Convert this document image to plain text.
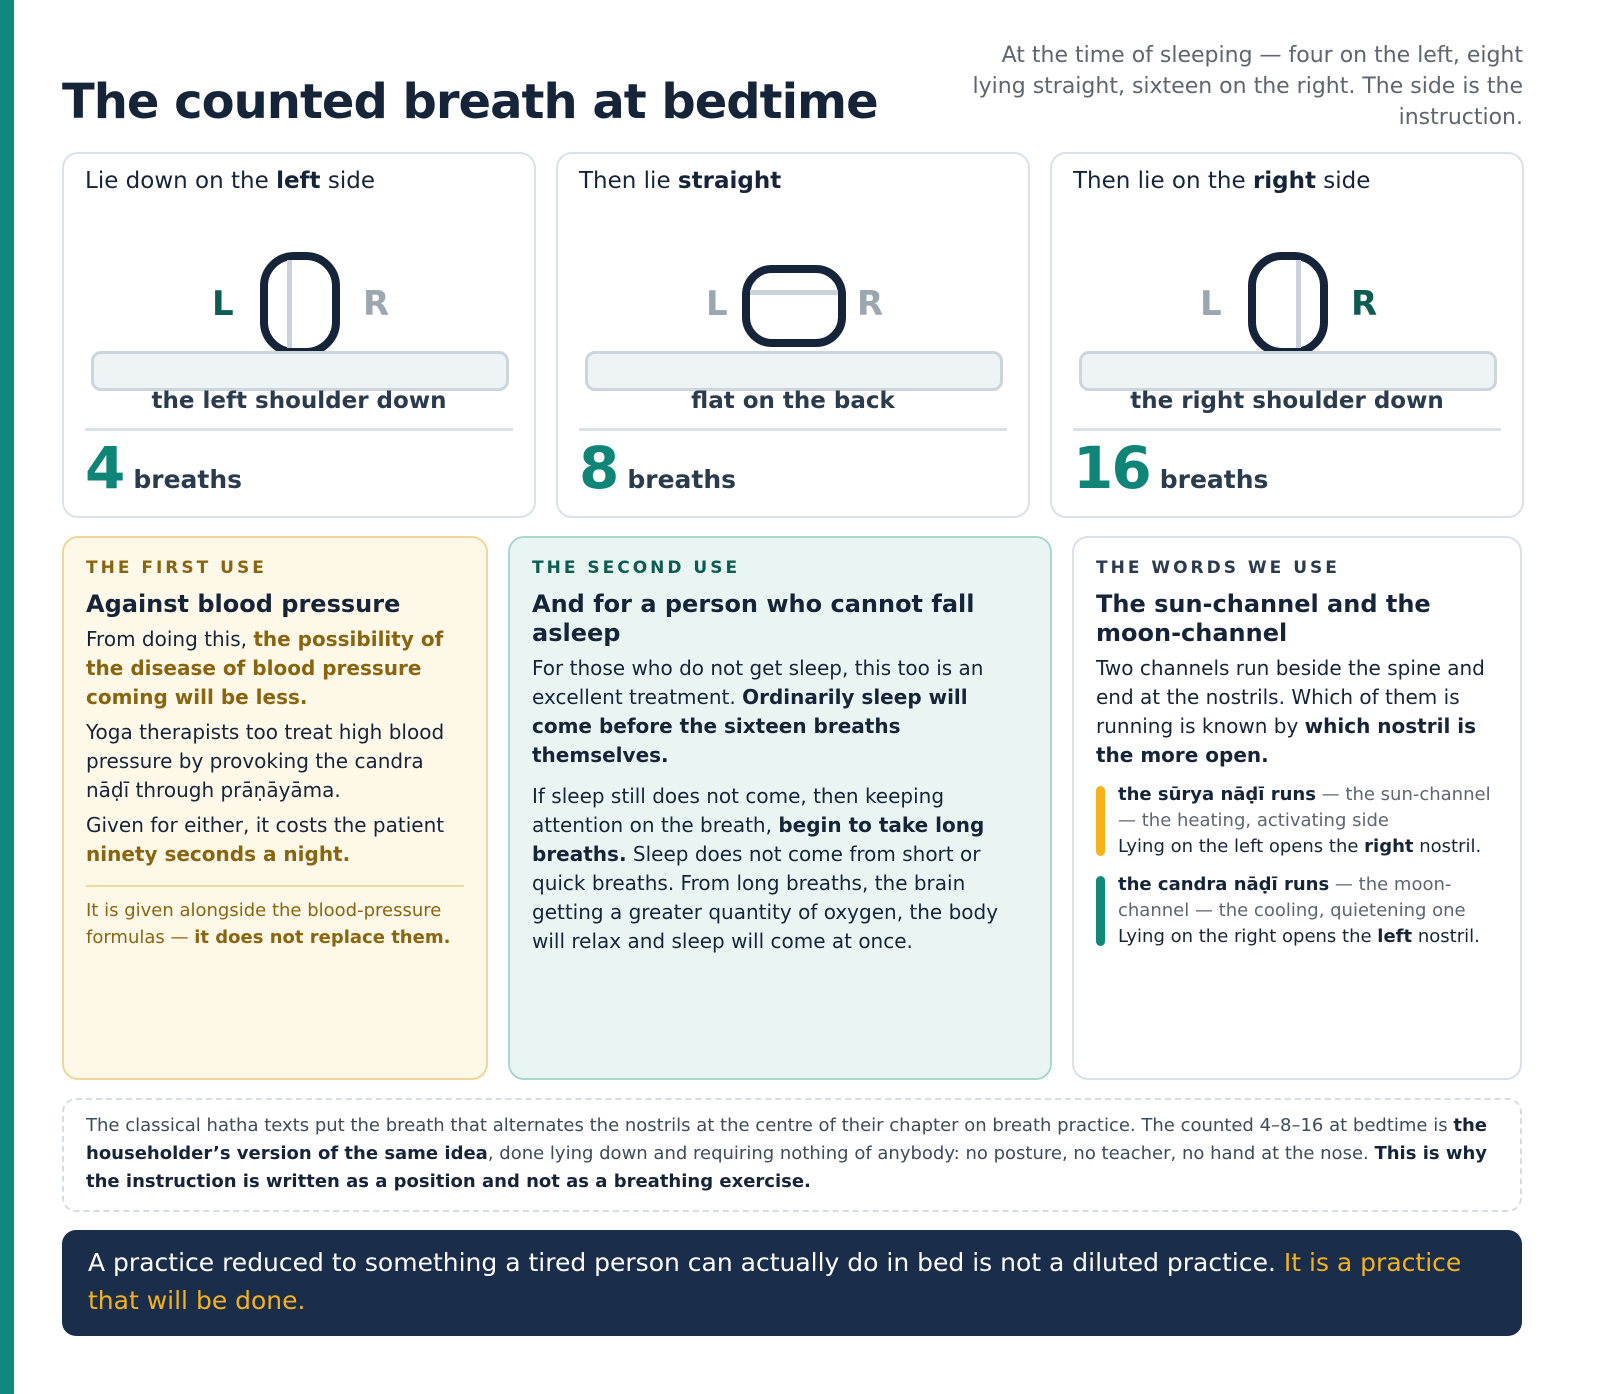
The counted breath at bedtime

At the time of sleeping — four on the left, eight lying straight, sixteen on the right. The side is the instruction.

Lie down on the left side
L	R
the left shoulder down
4 breaths
Then lie straight
L	R
flat on the back
8 breaths
Then lie on the right side
L	R
the right shoulder down
16 breaths
THE FIRST USE
Against blood pressure

From doing this, the possibility of the disease of blood pressure coming will be less.

Yoga therapists too treat high blood pressure by provoking the candra nāḍī through prāṇāyāma.

Given for either, it costs the patient ninety seconds a night.

It is given alongside the blood-pressure formulas — it does not replace them.

THE SECOND USE
And for a person who cannot fall asleep

For those who do not get sleep, this too is an excellent treatment. Ordinarily sleep will come before the sixteen breaths themselves.

If sleep still does not come, then keeping attention on the breath, begin to take long breaths. Sleep does not come from short or quick breaths. From long breaths, the brain getting a greater quantity of oxygen, the body will relax and sleep will come at once.

THE WORDS WE USE
The sun-channel and the moon-channel

Two channels run beside the spine and end at the nostrils. Which of them is running is known by which nostril is the more open.

the sūrya nāḍī runs — the sun-channel — the heating, activating side
Lying on the left opens the right nostril.
the candra nāḍī runs — the moon-channel — the cooling, quietening one
Lying on the right opens the left nostril.
The classical hatha texts put the breath that alternates the nostrils at the centre of their chapter on breath practice. The counted 4–8–16 at bedtime is the householder’s version of the same idea, done lying down and requiring nothing of anybody: no posture, no teacher, no hand at the nose. This is why the instruction is written as a position and not as a breathing exercise.
A practice reduced to something a tired person can actually do in bed is not a diluted practice. It is a practice that will be done.
